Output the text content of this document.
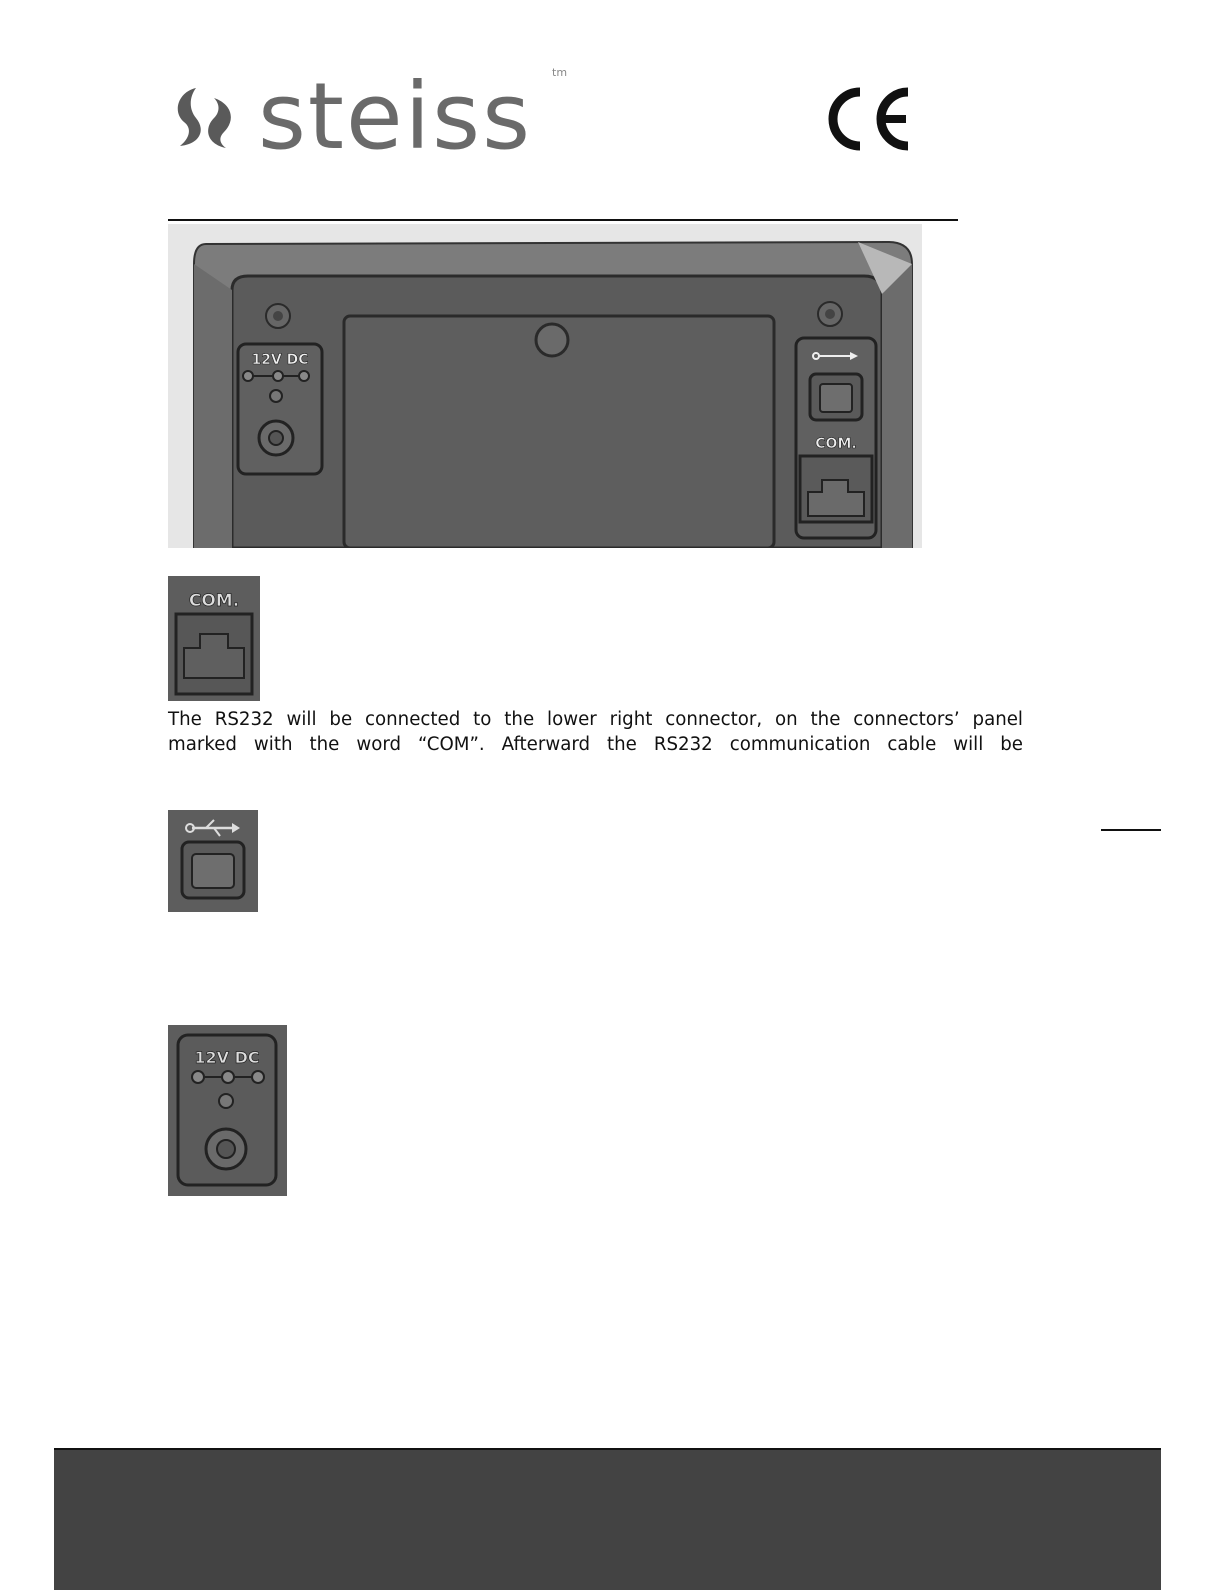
steiss tm
12V DC
COM.
COM.
The RS232 will be connected to the lower right connector, on the connectors’ panel
marked with the word “COM”. Afterward the RS232 communication cable will be
12V DC
